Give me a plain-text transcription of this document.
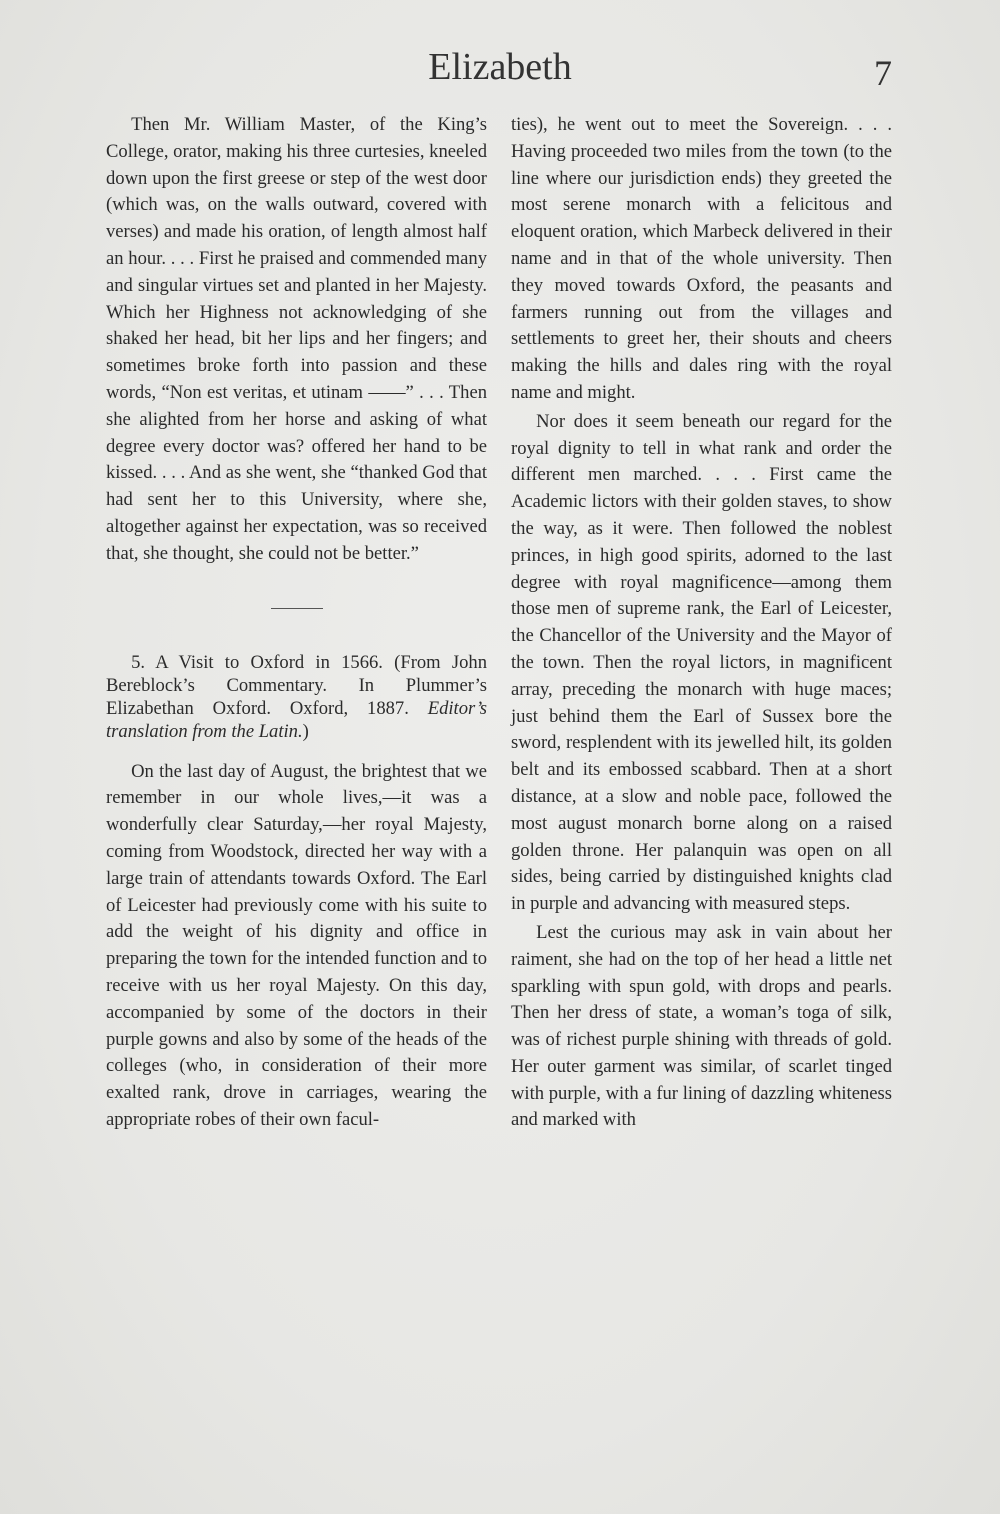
Elizabeth	7

Then Mr. William Master, of the King’s College, orator, making his three curtesies, kneeled down upon the first greese or step of the west door (which was, on the walls outward, covered with verses) and made his oration, of length almost half an hour. . . . First he praised and commended many and singular virtues set and planted in her Majesty. Which her Highness not acknowledging of she shaked her head, bit her lips and her fingers; and sometimes broke forth into passion and these words, “Non est veritas, et utinam ——” . . . Then she alighted from her horse and asking of what degree every doctor was? offered her hand to be kissed. . . . And as she went, she “thanked God that had sent her to this University, where she, altogether against her expectation, was so received that, she thought, she could not be better.”

5. A Visit to Oxford in 1566. (From John Bereblock’s Commentary. In Plummer’s Elizabethan Oxford. Oxford, 1887. Editor’s translation from the Latin.)

On the last day of August, the brightest that we remember in our whole lives,—it was a wonderfully clear Saturday,—her royal Majesty, coming from Woodstock, directed her way with a large train of attendants towards Oxford. The Earl of Leicester had previously come with his suite to add the weight of his dignity and office in preparing the town for the intended function and to receive with us her royal Majesty. On this day, accompanied by some of the doctors in their purple gowns and also by some of the heads of the colleges (who, in consideration of their more exalted rank, drove in carriages, wearing the appropriate robes of their own facul-

ties), he went out to meet the Sovereign. . . . Having proceeded two miles from the town (to the line where our jurisdiction ends) they greeted the most serene monarch with a felicitous and eloquent oration, which Marbeck delivered in their name and in that of the whole university. Then they moved towards Oxford, the peasants and farmers running out from the villages and settlements to greet her, their shouts and cheers making the hills and dales ring with the royal name and might.

Nor does it seem beneath our regard for the royal dignity to tell in what rank and order the different men marched. . . . First came the Academic lictors with their golden staves, to show the way, as it were. Then followed the noblest princes, in high good spirits, adorned to the last degree with royal magnificence—among them those men of supreme rank, the Earl of Leicester, the Chancellor of the University and the Mayor of the town. Then the royal lictors, in magnificent array, preceding the monarch with huge maces; just behind them the Earl of Sussex bore the sword, resplendent with its jewelled hilt, its golden belt and its embossed scabbard. Then at a short distance, at a slow and noble pace, followed the most august monarch borne along on a raised golden throne. Her palanquin was open on all sides, being carried by distinguished knights clad in purple and advancing with measured steps.

Lest the curious may ask in vain about her raiment, she had on the top of her head a little net sparkling with spun gold, with drops and pearls. Then her dress of state, a woman’s toga of silk, was of richest purple shining with threads of gold. Her outer garment was similar, of scarlet tinged with purple, with a fur lining of dazzling whiteness and marked with
